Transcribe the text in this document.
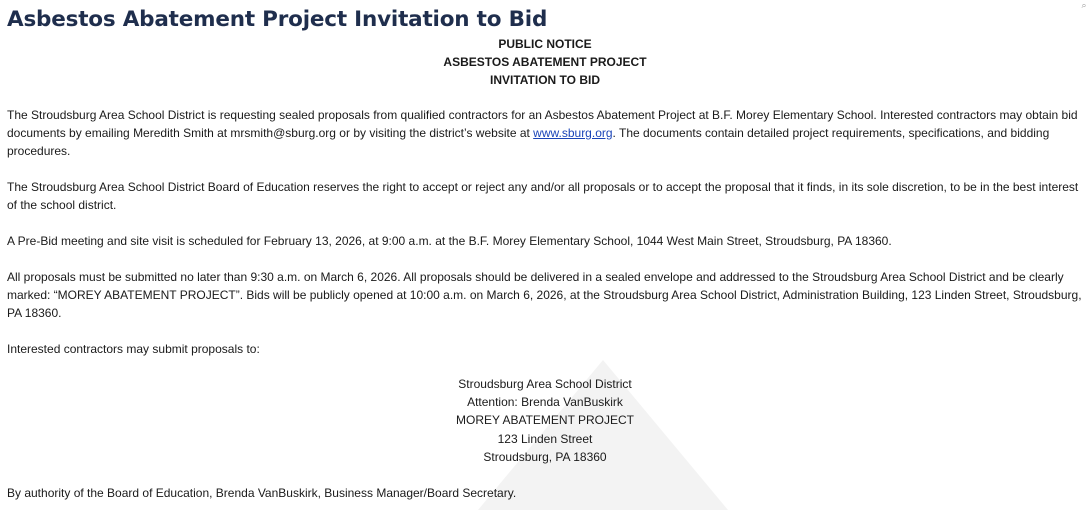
⌕
Asbestos Abatement Project Invitation to Bid
PUBLIC NOTICE
ASBESTOS ABATEMENT PROJECT
INVITATION TO BID

The Stroudsburg Area School District is requesting sealed proposals from qualified contractors for an Asbestos Abatement Project at B.F. Morey Elementary School. Interested contractors may obtain bid documents by emailing Meredith Smith at mrsmith@sburg.org or by visiting the district’s website at www.sburg.org. The documents contain detailed project requirements, specifications, and bidding procedures.

The Stroudsburg Area School District Board of Education reserves the right to accept or reject any and/or all proposals or to accept the proposal that it finds, in its sole discretion, to be in the best interest of the school district.

A Pre-Bid meeting and site visit is scheduled for February 13, 2026, at 9:00 a.m. at the B.F. Morey Elementary School, 1044 West Main Street, Stroudsburg, PA 18360.

All proposals must be submitted no later than 9:30 a.m. on March 6, 2026. All proposals should be delivered in a sealed envelope and addressed to the Stroudsburg Area School District and be clearly marked: “MOREY ABATEMENT PROJECT”. Bids will be publicly opened at 10:00 a.m. on March 6, 2026, at the Stroudsburg Area School District, Administration Building, 123 Linden Street, Stroudsburg, PA 18360.

Interested contractors may submit proposals to:

Stroudsburg Area School District
Attention: Brenda VanBuskirk
MOREY ABATEMENT PROJECT
123 Linden Street
Stroudsburg, PA 18360

By authority of the Board of Education, Brenda VanBuskirk, Business Manager/Board Secretary.
